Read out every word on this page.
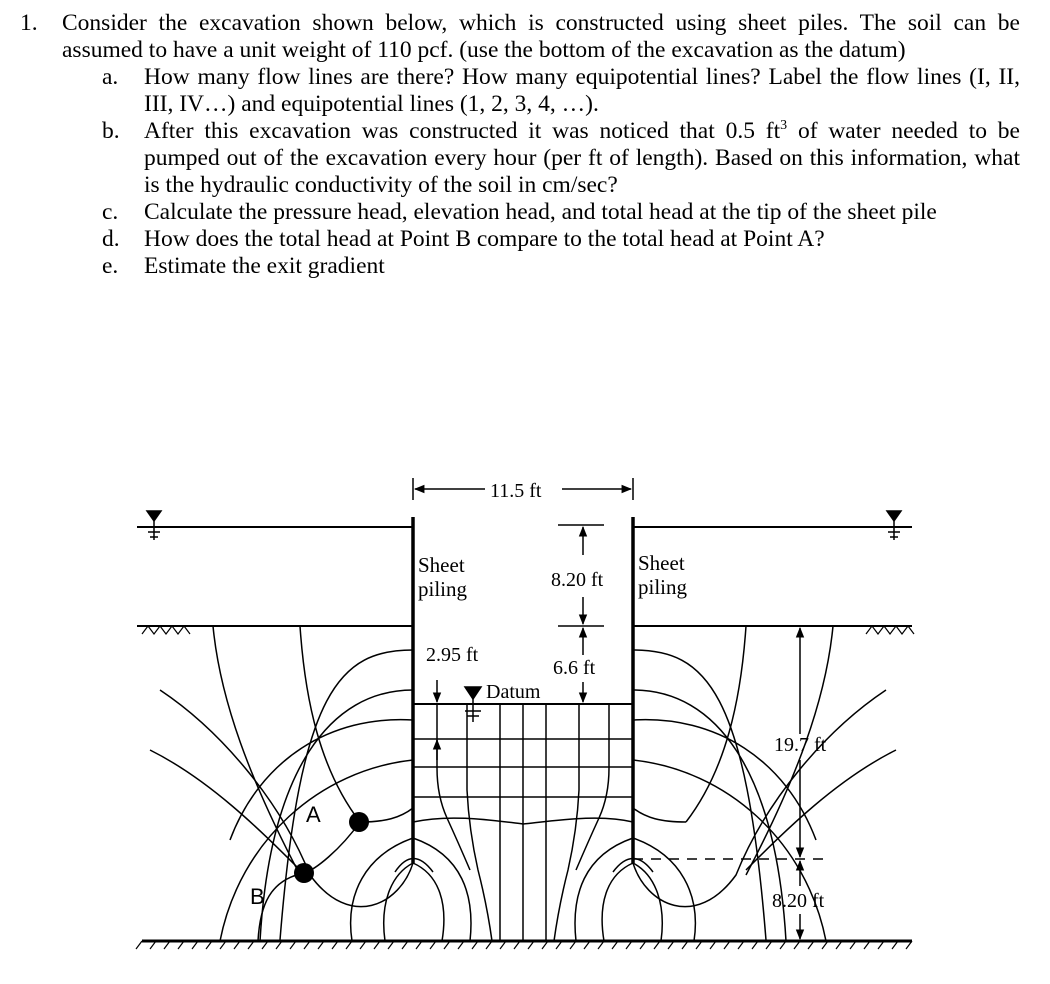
1. Consider the excavation shown below, which is constructed using sheet piles. The soil can be assumed to have a unit weight of 110 pcf. (use the bottom of the excavation as the datum)
a. How many flow lines are there? How many equipotential lines? Label the flow lines (I, II, III, IV…) and equipotential lines (1, 2, 3, 4, …).
b. After this excavation was constructed it was noticed that 0.5 $ft^3$ of water needed to be pumped out of the excavation every hour (per ft of length). Based on this information, what is the hydraulic conductivity of the soil in cm/sec?
c. Calculate the pressure head, elevation head, and total head at the tip of the sheet pile
d. How does the total head at Point B compare to the total head at Point A?
e. Estimate the exit gradient
A
B
11.5 ft
8.20 ft
6.6 ft
2.95 ft
Datum
Sheet
piling
Sheet
piling
19.7 ft
8.20 ft
